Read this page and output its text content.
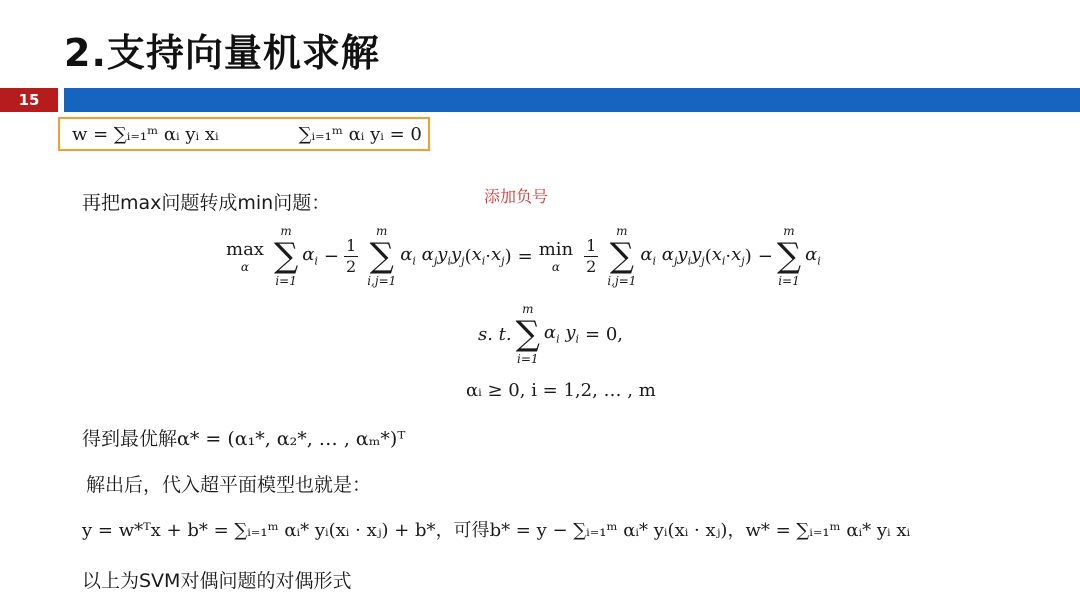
2.支持向量机求解
15
w = ∑ᵢ₌₁ᵐ αᵢ yᵢ xᵢ	∑ᵢ₌₁ᵐ αᵢ yᵢ = 0
再把max问题转成min问题：	添加负号
max
α
m
∑
i=1
$\alpha_i - \frac{1}{2}$
m
∑
i,j=1
$\alpha_i$ $\alpha_jy_iy_j$ ( $x_i \cdot x_j$ ) = min
α $\frac{1}{2}$
m
∑
i,j=1
$\alpha_i$ $\alpha_jy_iy_j$ ( $x_i \cdot x_j$ ) −
m
∑
i=1
$\alpha_i$
s. t.
m
∑
i=1
$\alpha_i$ $y_i = 0$,
αᵢ ≥ 0, i = 1,2, … , m
得到最优解α* = (α₁*, α₂*, … , αₘ*)ᵀ
解出后，代入超平面模型也就是：
y = w*ᵀx + b* = ∑ᵢ₌₁ᵐ αᵢ* yᵢ(xᵢ · xⱼ) + b*，可得b* = y − ∑ᵢ₌₁ᵐ αᵢ* yᵢ(xᵢ · xⱼ)，w* = ∑ᵢ₌₁ᵐ αᵢ* yᵢ xᵢ
以上为SVM对偶问题的对偶形式
